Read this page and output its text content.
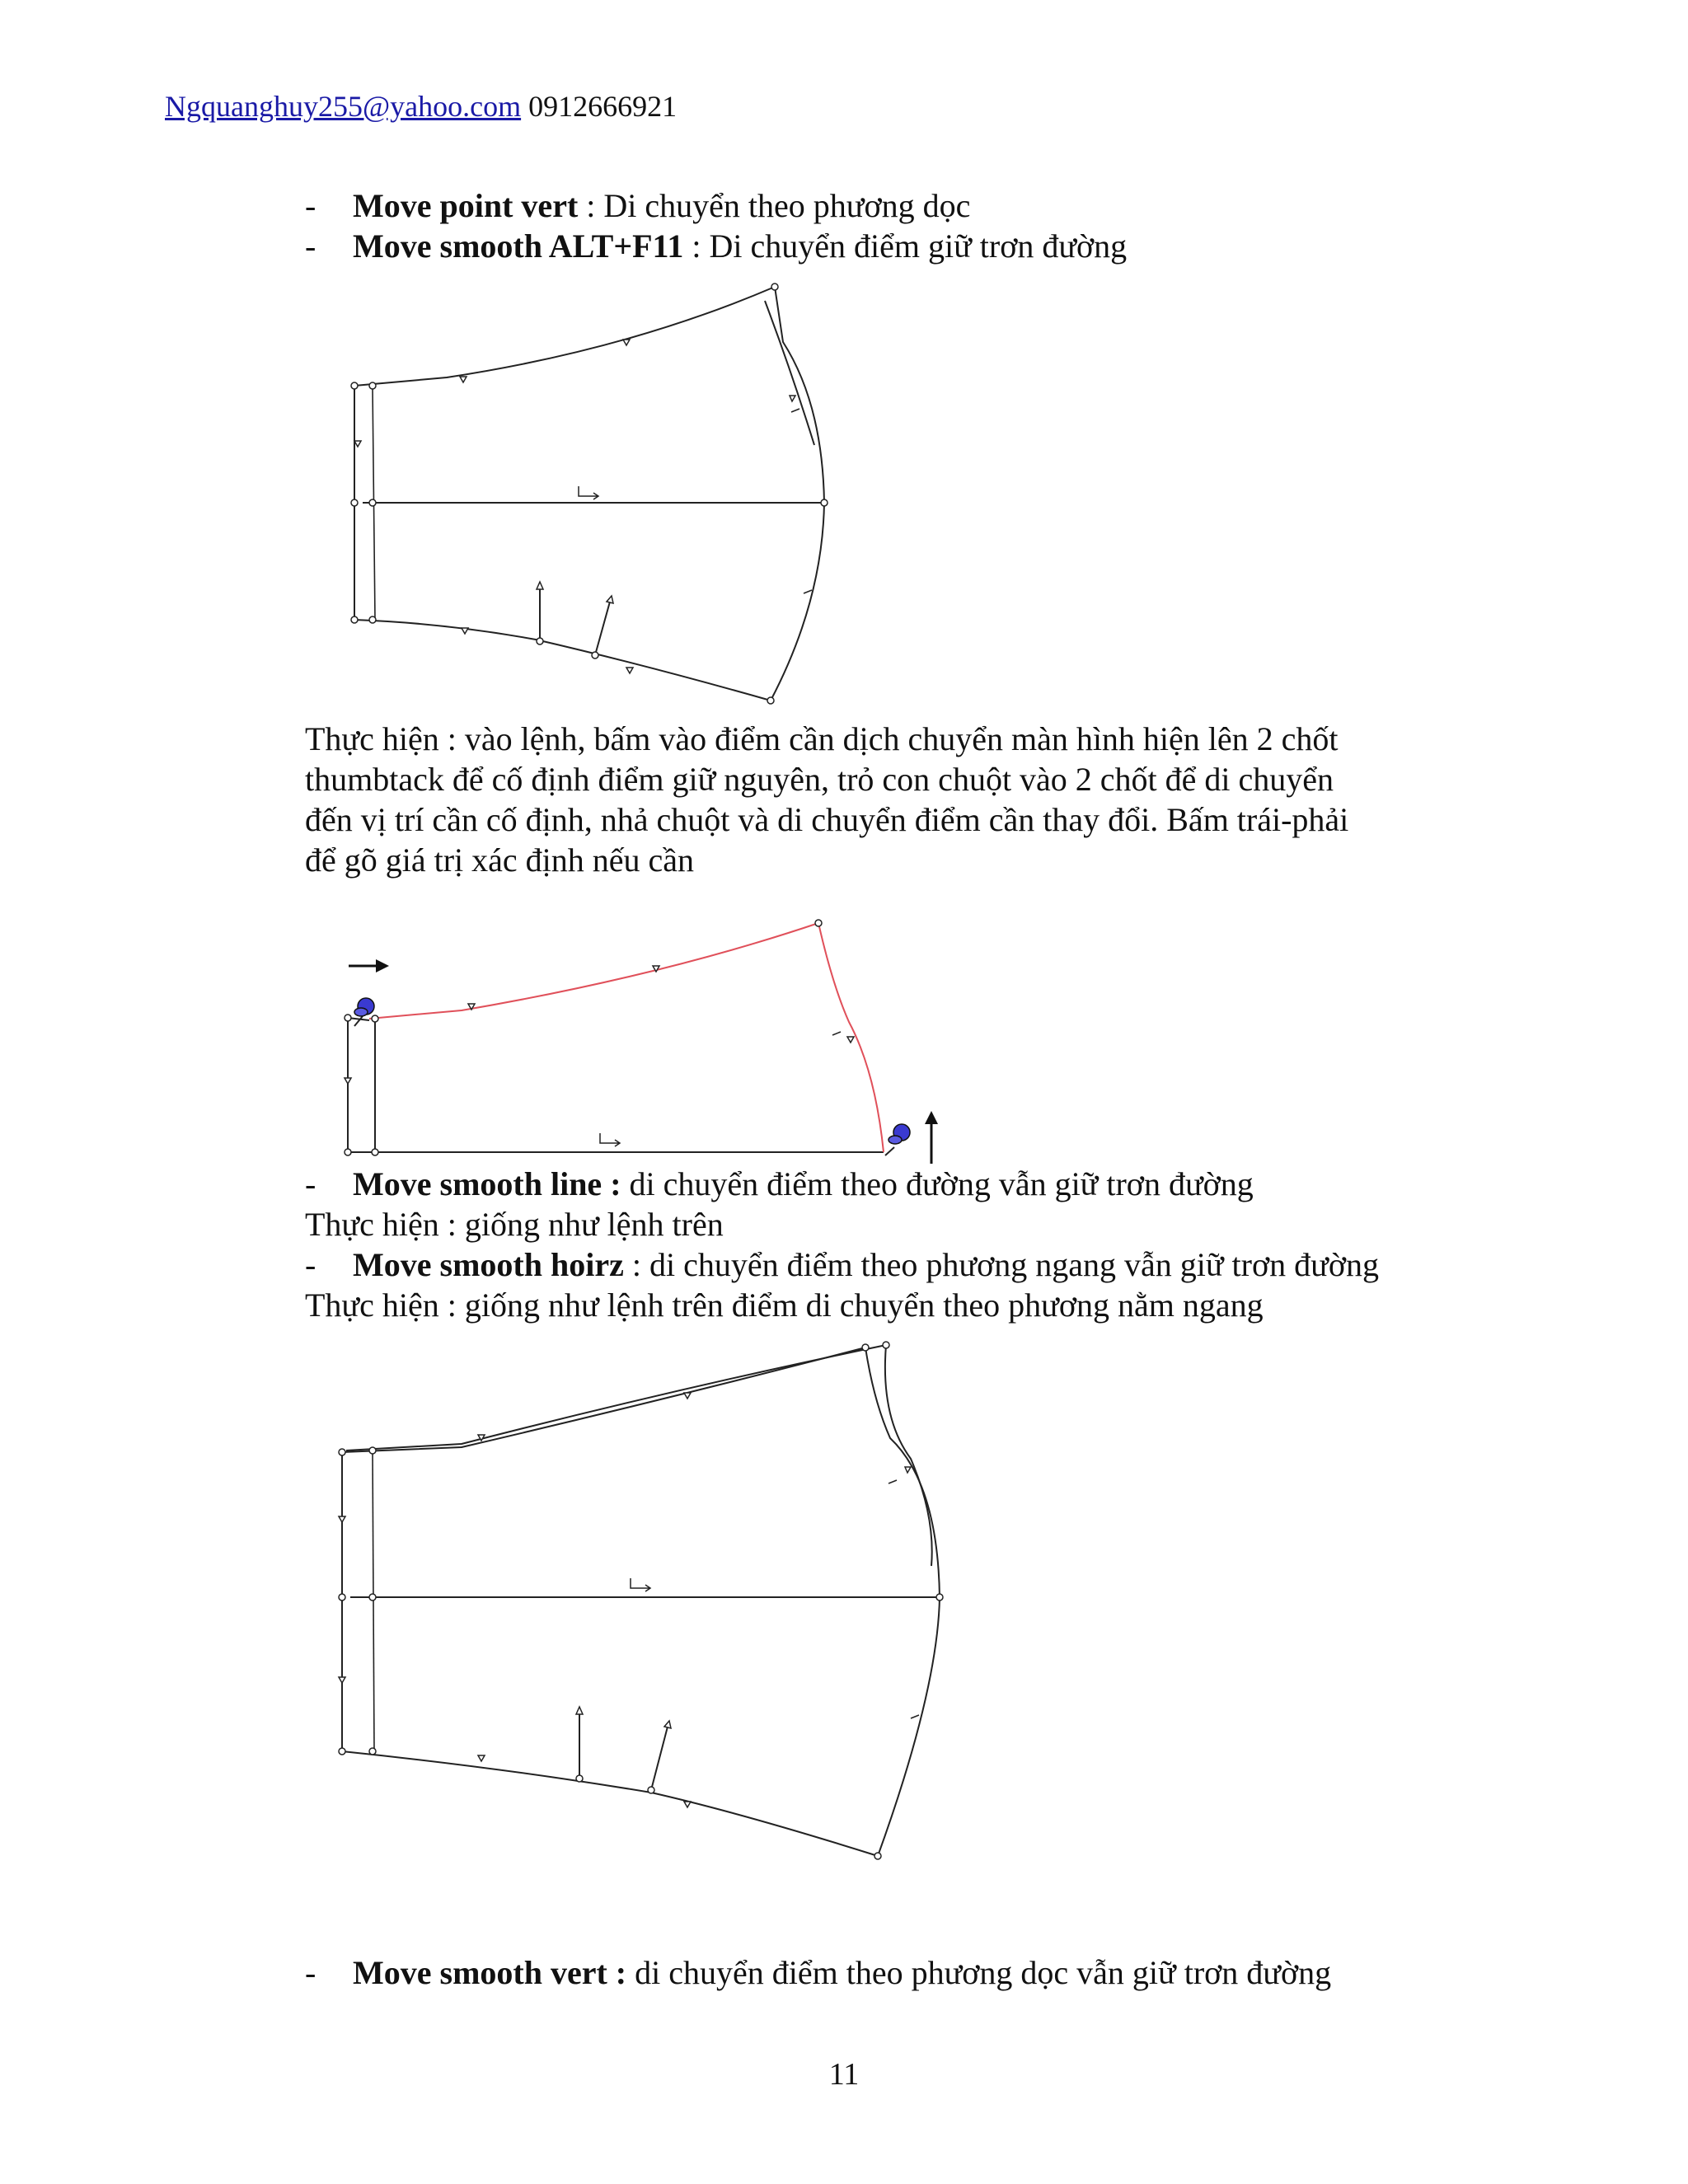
Ngquanghuy255@yahoo.com 0912666921
- Move point vert : Di chuyển theo phương dọc
- Move smooth ALT+F11 : Di chuyển điểm giữ trơn đường
Thực hiện : vào lệnh, bấm vào điểm cần dịch chuyển màn hình hiện lên 2 chốt
thumbtack để cố định điểm giữ nguyên, trỏ con chuột vào 2 chốt để di chuyển
đến vị trí cần cố định, nhả chuột và di chuyển điểm cần thay đổi. Bấm trái-phải
để gõ giá trị xác định nếu cần
- Move smooth line : di chuyển điểm theo đường vẫn giữ trơn đường
Thực hiện : giống như lệnh trên
- Move smooth hoirz : di chuyển điểm theo phương ngang vẫn giữ trơn đường
Thực hiện : giống như lệnh trên điểm di chuyển theo phương nằm ngang
- Move smooth vert : di chuyển điểm theo phương dọc vẫn giữ trơn đường
11
